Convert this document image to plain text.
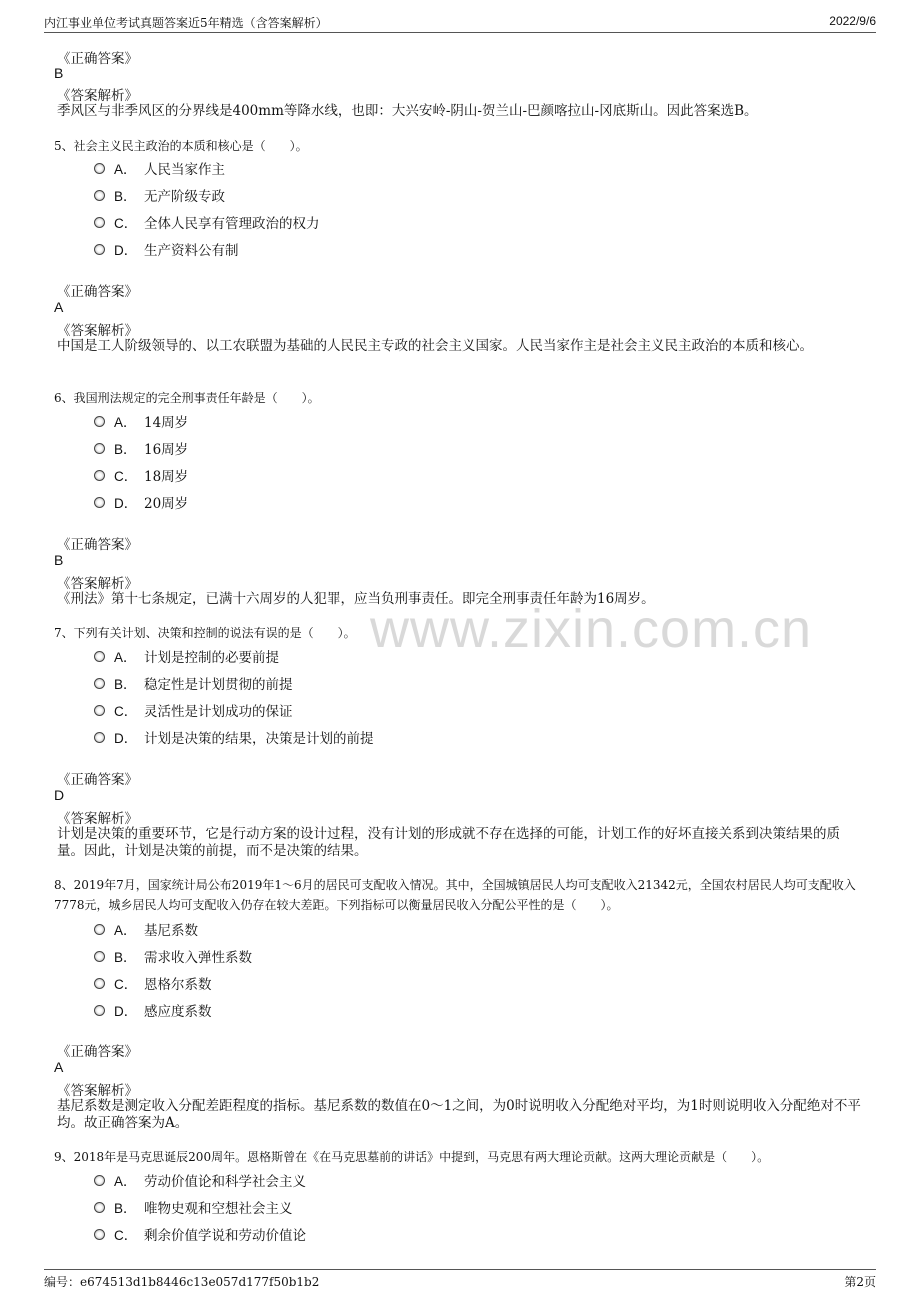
内江事业单位考试真题答案近5年精选（含答案解析）	2022/9/6
www.zixin.com.cn
《正确答案》
B
《答案解析》
季风区与非季风区的分界线是400mm等降水线，也即：大兴安岭-阴山-贺兰山-巴颜喀拉山-冈底斯山。因此答案选B。
5、社会主义民主政治的本质和核心是（　　）。
A． 人民当家作主
B． 无产阶级专政
C． 全体人民享有管理政治的权力
D． 生产资料公有制
《正确答案》
A
《答案解析》
中国是工人阶级领导的、以工农联盟为基础的人民民主专政的社会主义国家。人民当家作主是社会主义民主政治的本质和核心。
6、我国刑法规定的完全刑事责任年龄是（　　）。
A． 14周岁
B． 16周岁
C． 18周岁
D． 20周岁
《正确答案》
B
《答案解析》
《刑法》第十七条规定，已满十六周岁的人犯罪，应当负刑事责任。即完全刑事责任年龄为16周岁。
7、下列有关计划、决策和控制的说法有误的是（　　）。
A． 计划是控制的必要前提
B． 稳定性是计划贯彻的前提
C． 灵活性是计划成功的保证
D． 计划是决策的结果，决策是计划的前提
《正确答案》
D
《答案解析》
计划是决策的重要环节，它是行动方案的设计过程，没有计划的形成就不存在选择的可能，计划工作的好坏直接关系到决策结果的质量。因此，计划是决策的前提，而不是决策的结果。
8、2019年7月，国家统计局公布2019年1～6月的居民可支配收入情况。其中，全国城镇居民人均可支配收入21342元，全国农村居民人均可支配收入7778元，城乡居民人均可支配收入仍存在较大差距。下列指标可以衡量居民收入分配公平性的是（　　）。
A． 基尼系数
B． 需求收入弹性系数
C． 恩格尔系数
D． 感应度系数
《正确答案》
A
《答案解析》
基尼系数是测定收入分配差距程度的指标。基尼系数的数值在0～1之间，为0时说明收入分配绝对平均，为1时则说明收入分配绝对不平均。故正确答案为A。
9、2018年是马克思诞辰200周年。恩格斯曾在《在马克思墓前的讲话》中提到，马克思有两大理论贡献。这两大理论贡献是（　　）。
A． 劳动价值论和科学社会主义
B． 唯物史观和空想社会主义
C． 剩余价值学说和劳动价值论
编号：e674513d1b8446c13e057d177f50b1b2	第2页
